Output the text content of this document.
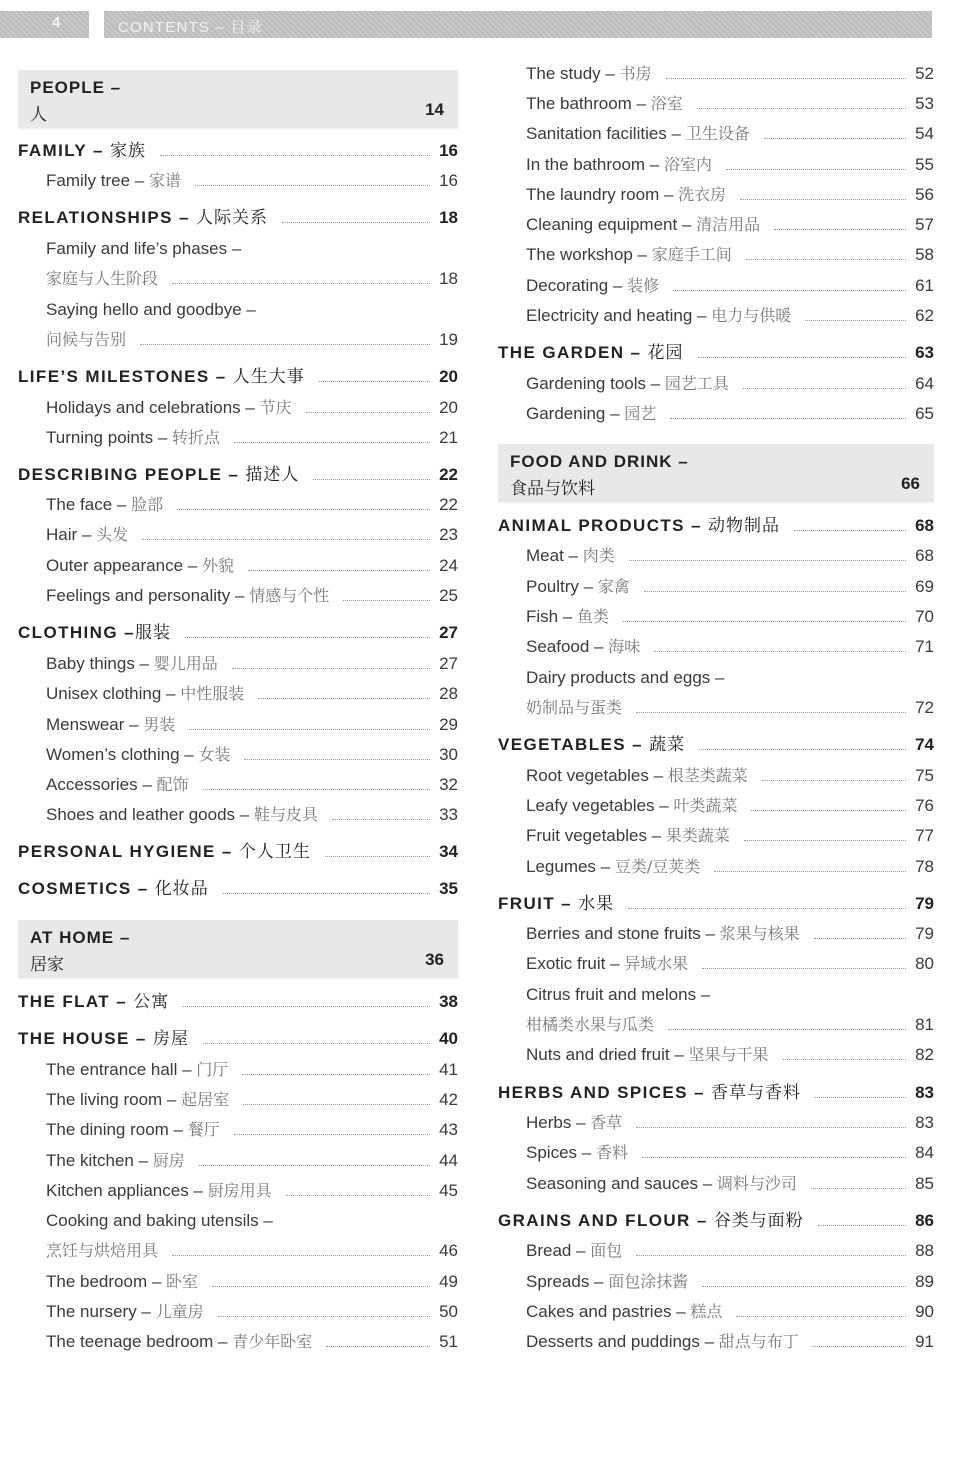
4	CONTENTS – 目录
PEOPLE –
人	14
FAMILY – 家族	16
Family tree – 家谱	16
RELATIONSHIPS – 人际关系	18
Family and life’s phases –
家庭与人生阶段	18
Saying hello and goodbye –
问候与告别	19
LIFE’S MILESTONES – 人生大事	20
Holidays and celebrations – 节庆	20
Turning points – 转折点	21
DESCRIBING PEOPLE – 描述人	22
The face – 脸部	22
Hair – 头发	23
Outer appearance – 外貌	24
Feelings and personality – 情感与个性	25
CLOTHING –服装	27
Baby things – 婴儿用品	27
Unisex clothing – 中性服装	28
Menswear – 男装	29
Women’s clothing – 女装	30
Accessories – 配饰	32
Shoes and leather goods – 鞋与皮具	33
PERSONAL HYGIENE – 个人卫生	34
COSMETICS – 化妆品	35
AT HOME –
居家	36
THE FLAT – 公寓	38
THE HOUSE – 房屋	40
The entrance hall – 门厅	41
The living room – 起居室	42
The dining room – 餐厅	43
The kitchen – 厨房	44
Kitchen appliances – 厨房用具	45
Cooking and baking utensils –
烹饪与烘焙用具	46
The bedroom – 卧室	49
The nursery – 儿童房	50
The teenage bedroom – 青少年卧室	51
The study – 书房	52
The bathroom – 浴室	53
Sanitation facilities – 卫生设备	54
In the bathroom – 浴室内	55
The laundry room – 洗衣房	56
Cleaning equipment – 清洁用品	57
The workshop – 家庭手工间	58
Decorating – 装修	61
Electricity and heating – 电力与供暖	62
THE GARDEN – 花园	63
Gardening tools – 园艺工具	64
Gardening – 园艺	65
FOOD AND DRINK –
食品与饮料	66
ANIMAL PRODUCTS – 动物制品	68
Meat – 肉类	68
Poultry – 家禽	69
Fish – 鱼类	70
Seafood – 海味	71
Dairy products and eggs –
奶制品与蛋类	72
VEGETABLES – 蔬菜	74
Root vegetables – 根茎类蔬菜	75
Leafy vegetables – 叶类蔬菜	76
Fruit vegetables – 果类蔬菜	77
Legumes – 豆类/豆荚类	78
FRUIT – 水果	79
Berries and stone fruits – 浆果与核果	79
Exotic fruit – 异域水果	80
Citrus fruit and melons –
柑橘类水果与瓜类	81
Nuts and dried fruit – 坚果与干果	82
HERBS AND SPICES – 香草与香料	83
Herbs – 香草	83
Spices – 香料	84
Seasoning and sauces – 调料与沙司	85
GRAINS AND FLOUR – 谷类与面粉	86
Bread – 面包	88
Spreads – 面包涂抹酱	89
Cakes and pastries – 糕点	90
Desserts and puddings – 甜点与布丁	91
